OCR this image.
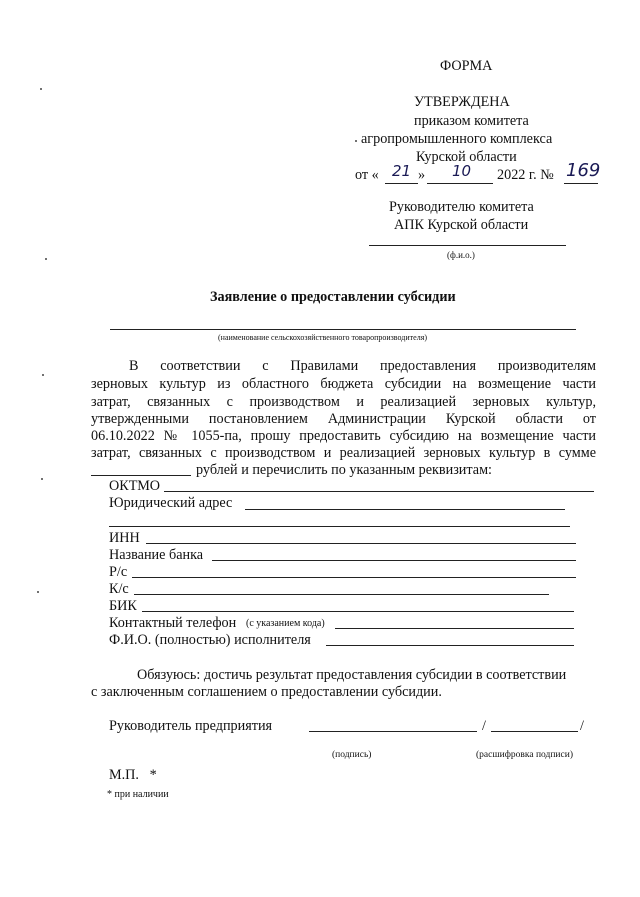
ФОРМА
УТВЕРЖДЕНА
приказом комитета
агропромышленного комплекса
Курской области
от « 21 » 10 2022 г. № 169
Руководителю комитета
АПК Курской области
(ф.и.о.)
Заявление о предоставлении субсидии
(наименование сельскохозяйственного товаропроизводителя)
В соответствии с Правилами предоставления производителям
зерновых культур из областного бюджета субсидии на возмещение части
затрат, связанных с производством и реализацией зерновых культур,
утвержденными постановлением Администрации Курской области от
06.10.2022 № 1055-па, прошу предоставить субсидию на возмещение части
затрат, связанных с производством и реализацией зерновых культур в сумме
рублей и перечислить по указанным реквизитам:
ОКТМО
Юридический адрес
ИНН
Название банка
Р/с
К/с
БИК
Контактный телефон (с указанием кода)
Ф.И.О. (полностью) исполнителя
Обязуюсь: достичь результат предоставления субсидии в соответствии
с заключенным соглашением о предоставлении субсидии.
Руководитель предприятия	/	/
(подпись)	(расшифровка подписи)
М.П.   *
* при наличии
